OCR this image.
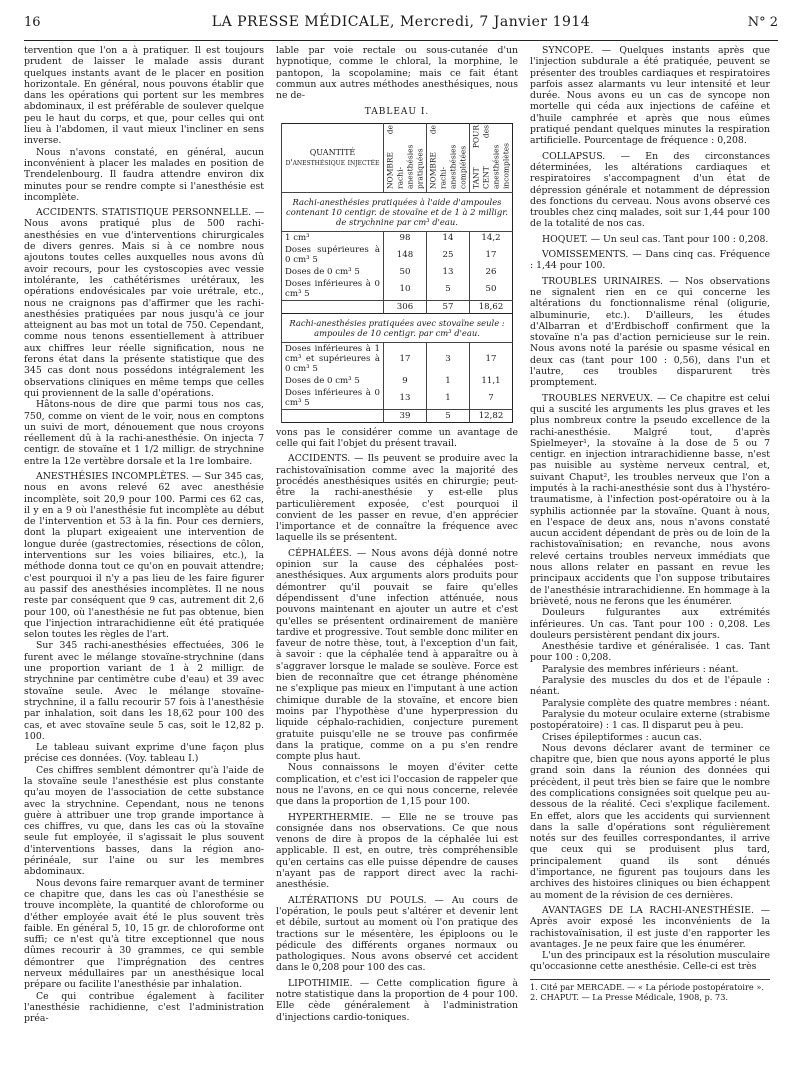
16	LA PRESSE MÉDICALE, Mercredi, 7 Janvier 1914	N° 2

tervention que l'on a à pratiquer. Il est toujours prudent de laisser le malade assis durant quelques instants avant de le placer en position horizontale. En général, nous pouvons établir que dans les opérations qui portent sur les membres abdominaux, il est préférable de soulever quelque peu le haut du corps, et que, pour celles qui ont lieu à l'abdomen, il vaut mieux l'incliner en sens inverse.

Nous n'avons constaté, en général, aucun inconvénient à placer les malades en position de Trendelenbourg. Il faudra attendre environ dix minutes pour se rendre compte si l'anesthésie est incomplète.

ACCIDENTS. STATISTIQUE PERSONNELLE. — Nous avons pratiqué plus de 500 rachi-anesthésies en vue d'interventions chirurgicales de divers genres. Mais si à ce nombre nous ajoutons toutes celles auxquelles nous avons dû avoir recours, pour les cystoscopies avec vessie intolérante, les cathétérismes urétéraux, les opérations endovésicales par voie urétrale, etc., nous ne craignons pas d'affirmer que les rachi-anesthésies pratiquées par nous jusqu'à ce jour atteignent au bas mot un total de 750. Cependant, comme nous tenons essentiellement à attribuer aux chiffres leur réelle signification, nous ne ferons état dans la présente statistique que des 345 cas dont nous possédons intégralement les observations cliniques en même temps que celles qui proviennent de la salle d'opérations.

Hâtons-nous de dire que parmi tous nos cas, 750, comme on vient de le voir, nous en comptons un suivi de mort, dénouement que nous croyons réellement dû à la rachi-anesthésie. On injecta 7 centigr. de stovaïne et 1 1/2 milligr. de strychnine entre la 12e vertèbre dorsale et la 1re lombaire.

ANESTHÉSIES INCOMPLÈTES. — Sur 345 cas, nous en avons relevé 62 avec anesthésie incomplète, soit 20,9 pour 100. Parmi ces 62 cas, il y en a 9 où l'anesthésie fut incomplète au début de l'intervention et 53 à la fin. Pour ces derniers, dont la plupart exigeaient une intervention de longue durée (gastrectomies, résections de côlon, interventions sur les voies biliaires, etc.), la méthode donna tout ce qu'on en pouvait attendre; c'est pourquoi il n'y a pas lieu de les faire figurer au passif des anesthésies incomplètes. Il ne nous reste par conséquent que 9 cas, autrement dit 2,6 pour 100, où l'anesthésie ne fut pas obtenue, bien que l'injection intrarachidienne eût été pratiquée selon toutes les règles de l'art.

Sur 345 rachi-anesthésies effectuées, 306 le furent avec le mélange stovaïne-strychnine (dans une proportion variant de 1 à 2 milligr. de strychnine par centimètre cube d'eau) et 39 avec stovaïne seule. Avec le mélange stovaïne-strychnine, il a fallu recourir 57 fois à l'anesthésie par inhalation, soit dans les 18,62 pour 100 des cas, et avec stovaïne seule 5 cas, soit le 12,82 p. 100.

Le tableau suivant exprime d'une façon plus précise ces données. (Voy. tableau I.)

Ces chiffres semblent démontrer qu'à l'aide de la stovaïne seule l'anesthésie est plus constante qu'au moyen de l'association de cette substance avec la strychnine. Cependant, nous ne tenons guère à attribuer une trop grande importance à ces chiffres, vu que, dans les cas où la stovaïne seule fut employée, il s'agissait le plus souvent d'interventions basses, dans la région ano-périnéale, sur l'aine ou sur les membres abdominaux.

Nous devons faire remarquer avant de terminer ce chapitre que, dans les cas où l'anesthésie se trouve incomplète, la quantité de chloroforme ou d'éther employée avait été le plus souvent très faible. En général 5, 10, 15 gr. de chloroforme ont suffi; ce n'est qu'à titre exceptionnel que nous dûmes recourir à 30 grammes, ce qui semble démontrer que l'imprégnation des centres nerveux médullaires par un anesthésique local prépare ou facilite l'anesthésie par inhalation.

Ce qui contribue également à faciliter l'anesthésie rachidienne, c'est l'administration préa-

lable par voie rectale ou sous-cutanée d'un hypnotique, comme le chloral, la morphine, le pantopon, la scopolamine; mais ce fait étant commun aux autres méthodes anesthésiques, nous ne de-

TABLEAU I.
QUANTITÉ d'anesthésique injectée	NOMBRE de rachi-anesthésies pratiquées	NOMBRE de rachi-anesthésies complétées	TANT POUR CENT des anesthésies incomplètes
Rachi-anesthésies pratiquées à l'aide d'ampoules contenant 10 centigr. de stovaïne et de 1 à 2 milligr. de strychnine par cm³ d'eau.			
1 cm³	98	14	14,2
Doses supérieures à 0 cm³ 5	148	25	17
Doses de 0 cm³ 5	50	13	26
Doses inférieures à 0 cm³ 5	10	5	50
	306	57	18,62
Rachi-anesthésies pratiquées avec stovaïne seule : ampoules de 10 centigr. par cm³ d'eau.			
Doses inférieures à 1 cm³ et supérieures à 0 cm³ 5	17	3	17
Doses de 0 cm³ 5	9	1	11,1
Doses inférieures à 0 cm³ 5	13	1	7
	39	5	12,82

vons pas le considérer comme un avantage de celle qui fait l'objet du présent travail.

ACCIDENTS. — Ils peuvent se produire avec la rachistovaïnisation comme avec la majorité des procédés anesthésiques usités en chirurgie; peut-être la rachi-anesthésie y est-elle plus particulièrement exposée, c'est pourquoi il convient de les passer en revue, d'en apprécier l'importance et de connaître la fréquence avec laquelle ils se présentent.

CÉPHALÉES. — Nous avons déjà donné notre opinion sur la cause des céphalées post-anesthésiques. Aux arguments alors produits pour démontrer qu'il pouvait se faire qu'elles dépendissent d'une infection atténuée, nous pouvons maintenant en ajouter un autre et c'est qu'elles se présentent ordinairement de manière tardive et progressive. Tout semble donc militer en faveur de notre thèse, tout, à l'exception d'un fait, à savoir : que la céphalée tend à apparaître ou à s'aggraver lorsque le malade se soulève. Force est bien de reconnaître que cet étrange phénomène ne s'explique pas mieux en l'imputant à une action chimique durable de la stovaïne, et encore bien moins par l'hypothèse d'une hyperpression du liquide céphalo-rachidien, conjecture purement gratuite puisqu'elle ne se trouve pas confirmée dans la pratique, comme on a pu s'en rendre compte plus haut.

Nous connaissons le moyen d'éviter cette complication, et c'est ici l'occasion de rappeler que nous ne l'avons, en ce qui nous concerne, relevée que dans la proportion de 1,15 pour 100.

HYPERTHERMIE. — Elle ne se trouve pas consignée dans nos observations. Ce que nous venons de dire à propos de la céphalée lui est applicable. Il est, en outre, très compréhensible qu'en certains cas elle puisse dépendre de causes n'ayant pas de rapport direct avec la rachi-anesthésie.

ALTÉRATIONS DU POULS. — Au cours de l'opération, le pouls peut s'altérer et devenir lent et débile, surtout au moment où l'on pratique des tractions sur le mésentère, les épiploons ou le pédicule des différents organes normaux ou pathologiques. Nous avons observé cet accident dans le 0,208 pour 100 des cas.

LIPOTHIMIE. — Cette complication figure à notre statistique dans la proportion de 4 pour 100. Elle cède généralement à l'administration d'injections cardio-toniques.

SYNCOPE. — Quelques instants après que l'injection subdurale a été pratiquée, peuvent se présenter des troubles cardiaques et respiratoires parfois assez alarmants vu leur intensité et leur durée. Nous avons eu un cas de syncope non mortelle qui céda aux injections de caféine et d'huile camphrée et après que nous eûmes pratiqué pendant quelques minutes la respiration artificielle. Pourcentage de fréquence : 0,208.

COLLAPSUS. — En des circonstances déterminées, les altérations cardiaques et respiratoires s'accompagnent d'un état de dépression générale et notamment de dépression des fonctions du cerveau. Nous avons observé ces troubles chez cinq malades, soit sur 1,44 pour 100 de la totalité de nos cas.

HOQUET. — Un seul cas. Tant pour 100 : 0,208.

VOMISSEMENTS. — Dans cinq cas. Fréquence : 1,44 pour 100.

TROUBLES URINAIRES. — Nos observations ne signalent rien en ce qui concerne les altérations du fonctionnalisme rénal (oligurie, albuminurie, etc.). D'ailleurs, les études d'Albarran et d'Erdbischoff confirment que la stovaïne n'a pas d'action pernicieuse sur le rein. Nous avons noté la parésie ou spasme vésical en deux cas (tant pour 100 : 0,56), dans l'un et l'autre, ces troubles disparurent très promptement.

TROUBLES NERVEUX. — Ce chapitre est celui qui a suscité les arguments les plus graves et les plus nombreux contre la pseudo excellence de la rachi-anesthésie. Malgré tout, d'après Spielmeyer¹, la stovaïne à la dose de 5 ou 7 centigr. en injection intrarachidienne basse, n'est pas nuisible au système nerveux central, et, suivant Chaput², les troubles nerveux que l'on a imputés à la rachi-anesthésie sont dus à l'hystéro-traumatisme, à l'infection post-opératoire ou à la syphilis actionnée par la stovaïne. Quant à nous, en l'espace de deux ans, nous n'avons constaté aucun accident dépendant de près ou de loin de la rachistovaïnisation; en revanche, nous avons relevé certains troubles nerveux immédiats que nous allons relater en passant en revue les principaux accidents que l'on suppose tributaires de l'anesthésie intrarachidienne. En hommage à la brièveté, nous ne ferons que les énumérer.

Douleurs fulgurantes aux extrémités inférieures. Un cas. Tant pour 100 : 0,208. Les douleurs persistèrent pendant dix jours.

Anesthésie tardive et généralisée. 1 cas. Tant pour 100 : 0,208.

Paralysie des membres inférieurs : néant.

Paralysie des muscles du dos et de l'épaule : néant.

Paralysie complète des quatre membres : néant.

Paralysie du moteur oculaire externe (strabisme postopératoire) : 1 cas. Il disparut peu à peu.

Crises épileptiformes : aucun cas.

Nous devons déclarer avant de terminer ce chapitre que, bien que nous ayons apporté le plus grand soin dans la réunion des données qui précèdent, il peut très bien se faire que le nombre des complications consignées soit quelque peu au-dessous de la réalité. Ceci s'explique facilement. En effet, alors que les accidents qui surviennent dans la salle d'opérations sont régulièrement notés sur des feuilles correspondantes, il arrive que ceux qui se produisent plus tard, principalement quand ils sont dénués d'importance, ne figurent pas toujours dans les archives des histoires cliniques ou bien échappent au moment de la révision de ces dernières.

AVANTAGES DE LA RACHI-ANESTHÉSIE. — Après avoir exposé les inconvénients de la rachistovaïnisation, il est juste d'en rapporter les avantages. Je ne peux faire que les énumérer.

L'un des principaux est la résolution musculaire qu'occasionne cette anesthésie. Celle-ci est très

1. Cité par MERCADE. — « La période postopératoire ».

2. CHAPUT. — La Presse Médicale, 1908, p. 73.
